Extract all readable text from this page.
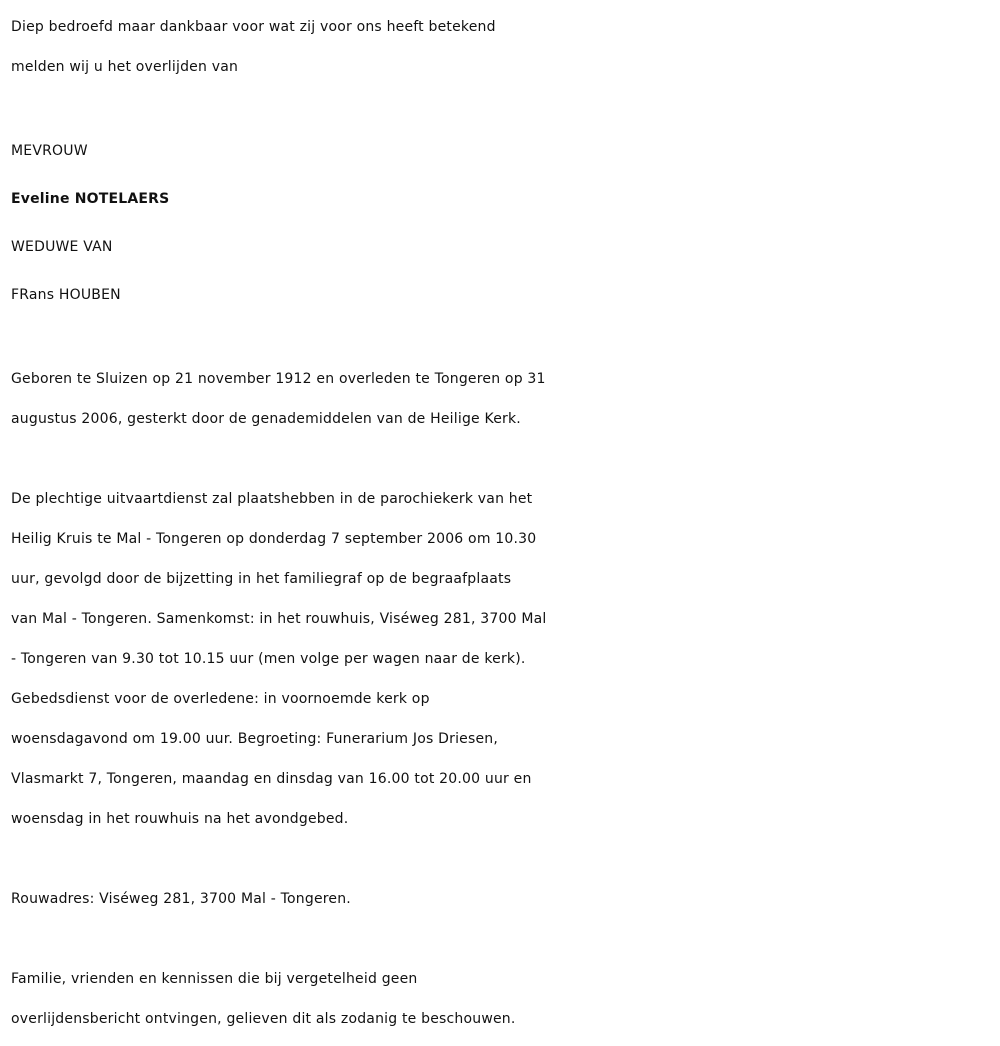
Diep bedroefd maar dankbaar voor wat zij voor ons heeft betekend
melden wij u het overlijden van

MEVROUW
Eveline NOTELAERS
WEDUWE VAN
FRans HOUBEN

Geboren te Sluizen op 21 november 1912 en overleden te Tongeren op 31
augustus 2006, gesterkt door de genademiddelen van de Heilige Kerk.

De plechtige uitvaartdienst zal plaatshebben in de parochiekerk van het
Heilig Kruis te Mal - Tongeren op donderdag 7 september 2006 om 10.30
uur, gevolgd door de bijzetting in het familiegraf op de begraafplaats
van Mal - Tongeren. Samenkomst: in het rouwhuis, Viséweg 281, 3700 Mal
- Tongeren van 9.30 tot 10.15 uur (men volge per wagen naar de kerk).
Gebedsdienst voor de overledene: in voornoemde kerk op
woensdagavond om 19.00 uur. Begroeting: Funerarium Jos Driesen,
Vlasmarkt 7, Tongeren, maandag en dinsdag van 16.00 tot 20.00 uur en
woensdag in het rouwhuis na het avondgebed.

Rouwadres: Viséweg 281, 3700 Mal - Tongeren.

Familie, vrienden en kennissen die bij vergetelheid geen
overlijdensbericht ontvingen, gelieven dit als zodanig te beschouwen.
